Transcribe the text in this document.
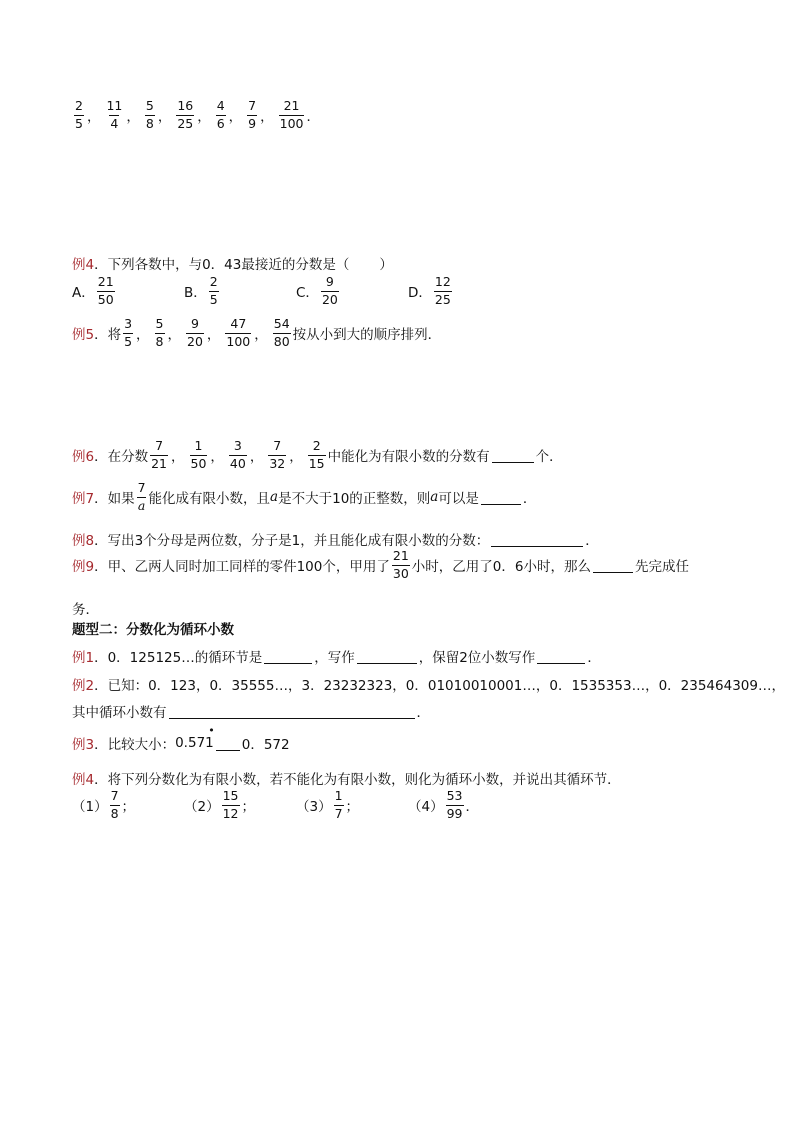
$\frac{2}{5}$ ， $\frac{11}{4}$ ， $\frac{5}{8}$ ， $\frac{16}{25}$ ， $\frac{4}{6}$ ， $\frac{7}{9}$ ， $\frac{21}{100}$ ．
例4 ．下列各数中，与0．43最接近的分数是（       ）
A． $\frac{21}{50}$	B． $\frac{2}{5}$	C． $\frac{9}{20}$	D． $\frac{12}{25}$
例5 ．将 $\frac{3}{5}$ ， $\frac{5}{8}$ ， $\frac{9}{20}$ ， $\frac{47}{100}$ ， $\frac{54}{80}$ 按从小到大的顺序排列．
例6 ．在分数 $\frac{7}{21}$ ， $\frac{1}{50}$ ， $\frac{3}{40}$ ， $\frac{7}{32}$ ， $\frac{2}{15}$ 中能化为有限小数的分数有	个．
例7 ．如果 $\frac{7}{a}$ 能化成有限小数，且 a 是不大于10的正整数，则 a 可以是	．
例8 ．写出3个分母是两位数，分子是1，并且能化成有限小数的分数：	．
例9 ．甲、乙两人同时加工同样的零件100个，甲用了 $\frac{21}{30}$ 小时，乙用了0．6小时，那么	先完成任
务．
题型二：分数化为循环小数
例1 ．0．125125…的循环节是	，写作	，保留2位小数写作	．
例2 ．已知：0．123，0．35555…，3．23232323，0．01010010001…，0．1535353…，0．235464309…，
其中循环小数有	．
例3 ．比较大小： 0.571
•
0．572
例4 ．将下列分数化为有限小数，若不能化为有限小数，则化为循环小数，并说出其循环节．
$(1) \frac{7}{8}$ ；	$(2) \frac{15}{12}$ ；	$(3) \frac{1}{7}$ ；	$(4) \frac{53}{99}$ ．
